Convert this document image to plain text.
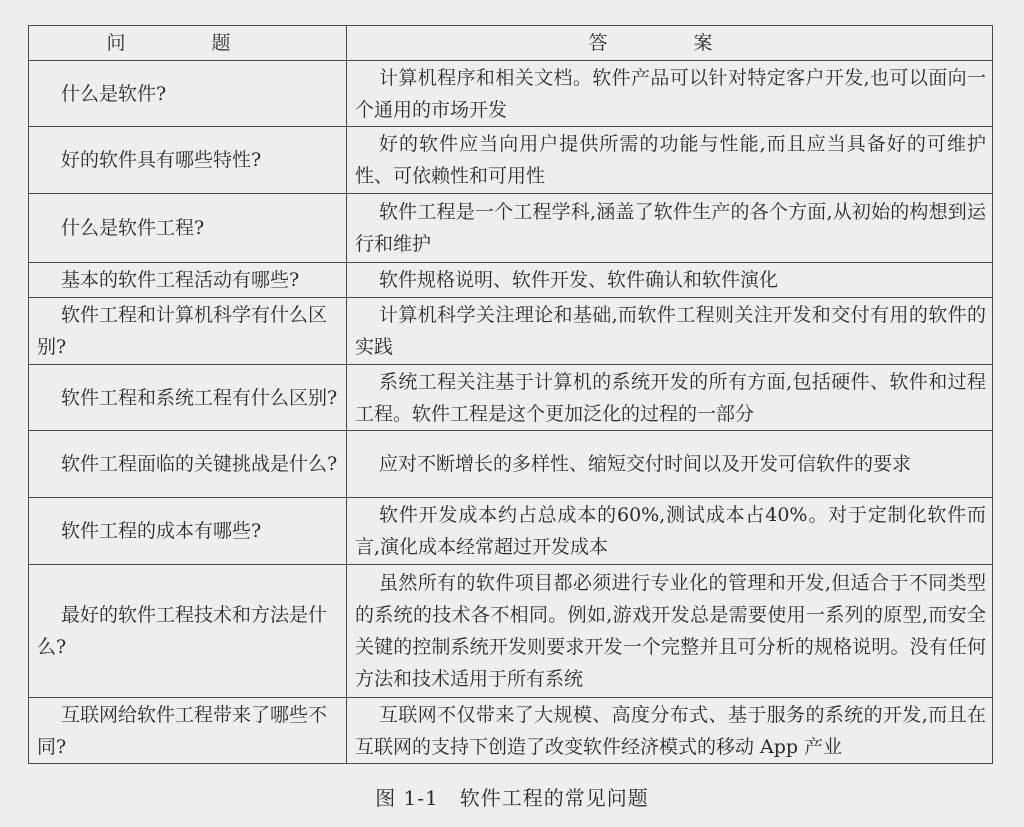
问 题	答 案
什么是软件?	计算机程序和相关文档。软件产品可以针对特定客户开发,也可以面向一个通用的市场开发
好的软件具有哪些特性?	好的软件应当向用户提供所需的功能与性能,而且应当具备好的可维护性、可依赖性和可用性
什么是软件工程?	软件工程是一个工程学科,涵盖了软件生产的各个方面,从初始的构想到运行和维护
基本的软件工程活动有哪些?	软件规格说明、软件开发、软件确认和软件演化
软件工程和计算机科学有什么区别?	计算机科学关注理论和基础,而软件工程则关注开发和交付有用的软件的实践
软件工程和系统工程有什么区别?	系统工程关注基于计算机的系统开发的所有方面,包括硬件、软件和过程工程。软件工程是这个更加泛化的过程的一部分
软件工程面临的关键挑战是什么?	应对不断增长的多样性、缩短交付时间以及开发可信软件的要求
软件工程的成本有哪些?	软件开发成本约占总成本的60%,测试成本占40%。对于定制化软件而言,演化成本经常超过开发成本
最好的软件工程技术和方法是什么?	虽然所有的软件项目都必须进行专业化的管理和开发,但适合于不同类型的系统的技术各不相同。例如,游戏开发总是需要使用一系列的原型,而安全关键的控制系统开发则要求开发一个完整并且可分析的规格说明。没有任何方法和技术适用于所有系统
互联网给软件工程带来了哪些不同?	互联网不仅带来了大规模、高度分布式、基于服务的系统的开发,而且在互联网的支持下创造了改变软件经济模式的移动 App 产业
图 1-1　软件工程的常见问题
